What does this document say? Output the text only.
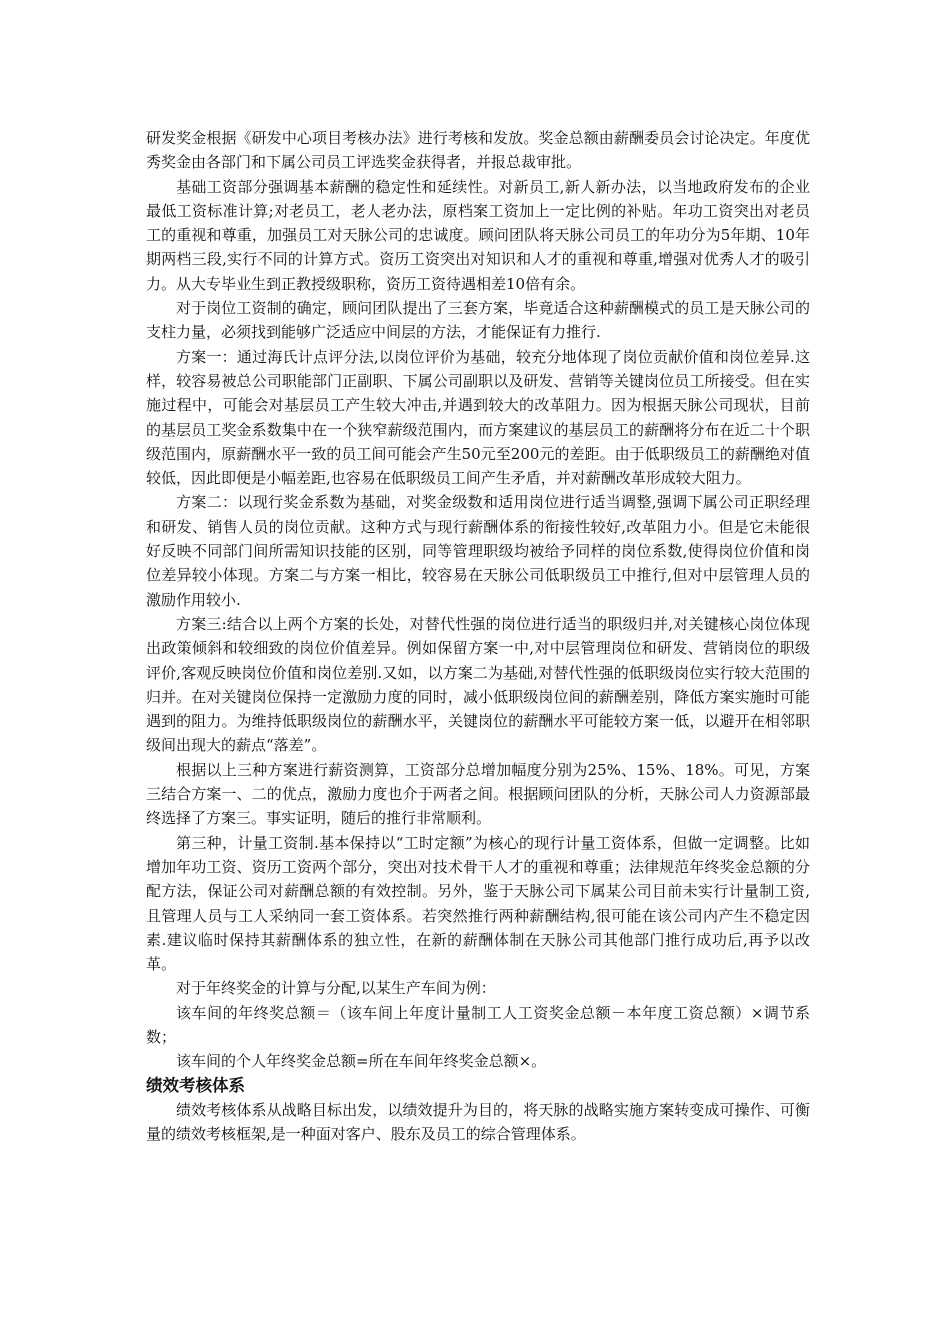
研发奖金根据《研发中心项目考核办法》进行考核和发放。奖金总额由薪酬委员会讨论决定。年度优秀奖金由各部门和下属公司员工评选奖金获得者，并报总裁审批。

基础工资部分强调基本薪酬的稳定性和延续性。对新员工,新人新办法，以当地政府发布的企业最低工资标准计算;对老员工，老人老办法，原档案工资加上一定比例的补贴。年功工资突出对老员工的重视和尊重，加强员工对天脉公司的忠诚度。顾问团队将天脉公司员工的年功分为5年期、10年期两档三段,实行不同的计算方式。资历工资突出对知识和人才的重视和尊重,增强对优秀人才的吸引力。从大专毕业生到正教授级职称，资历工资待遇相差10倍有余。

对于岗位工资制的确定，顾问团队提出了三套方案，毕竟适合这种薪酬模式的员工是天脉公司的支柱力量，必须找到能够广泛适应中间层的方法，才能保证有力推行.

方案一：通过海氏计点评分法,以岗位评价为基础，较充分地体现了岗位贡献价值和岗位差异.这样，较容易被总公司职能部门正副职、下属公司副职以及研发、营销等关键岗位员工所接受。但在实施过程中，可能会对基层员工产生较大冲击,并遇到较大的改革阻力。因为根据天脉公司现状，目前的基层员工奖金系数集中在一个狭窄薪级范围内，而方案建议的基层员工的薪酬将分布在近二十个职级范围内，原薪酬水平一致的员工间可能会产生50元至200元的差距。由于低职级员工的薪酬绝对值较低，因此即便是小幅差距,也容易在低职级员工间产生矛盾，并对薪酬改革形成较大阻力。

方案二：以现行奖金系数为基础，对奖金级数和适用岗位进行适当调整,强调下属公司正职经理和研发、销售人员的岗位贡献。这种方式与现行薪酬体系的衔接性较好,改革阻力小。但是它未能很好反映不同部门间所需知识技能的区别，同等管理职级均被给予同样的岗位系数,使得岗位价值和岗位差异较小体现。方案二与方案一相比，较容易在天脉公司低职级员工中推行,但对中层管理人员的激励作用较小.

方案三:结合以上两个方案的长处，对替代性强的岗位进行适当的职级归并,对关键核心岗位体现出政策倾斜和较细致的岗位价值差异。例如保留方案一中,对中层管理岗位和研发、营销岗位的职级评价,客观反映岗位价值和岗位差别.又如，以方案二为基础,对替代性强的低职级岗位实行较大范围的归并。在对关键岗位保持一定激励力度的同时，减小低职级岗位间的薪酬差别，降低方案实施时可能遇到的阻力。为维持低职级岗位的薪酬水平，关键岗位的薪酬水平可能较方案一低，以避开在相邻职级间出现大的薪点“落差”。

根据以上三种方案进行薪资测算，工资部分总增加幅度分别为25%、15%、18%。可见，方案三结合方案一、二的优点，激励力度也介于两者之间。根据顾问团队的分析，天脉公司人力资源部最终选择了方案三。事实证明，随后的推行非常顺利。

第三种，计量工资制.基本保持以“工时定额”为核心的现行计量工资体系，但做一定调整。比如增加年功工资、资历工资两个部分，突出对技术骨干人才的重视和尊重；法律规范年终奖金总额的分配方法，保证公司对薪酬总额的有效控制。另外，鉴于天脉公司下属某公司目前未实行计量制工资,且管理人员与工人采纳同一套工资体系。若突然推行两种薪酬结构,很可能在该公司内产生不稳定因素.建议临时保持其薪酬体系的独立性，在新的薪酬体制在天脉公司其他部门推行成功后,再予以改革。

对于年终奖金的计算与分配,以某生产车间为例：

该车间的年终奖总额＝（该车间上年度计量制工人工资奖金总额－本年度工资总额）×调节系数；

该车间的个人年终奖金总额=所在车间年终奖金总额×。

绩效考核体系

绩效考核体系从战略目标出发，以绩效提升为目的，将天脉的战略实施方案转变成可操作、可衡量的绩效考核框架,是一种面对客户、股东及员工的综合管理体系。
